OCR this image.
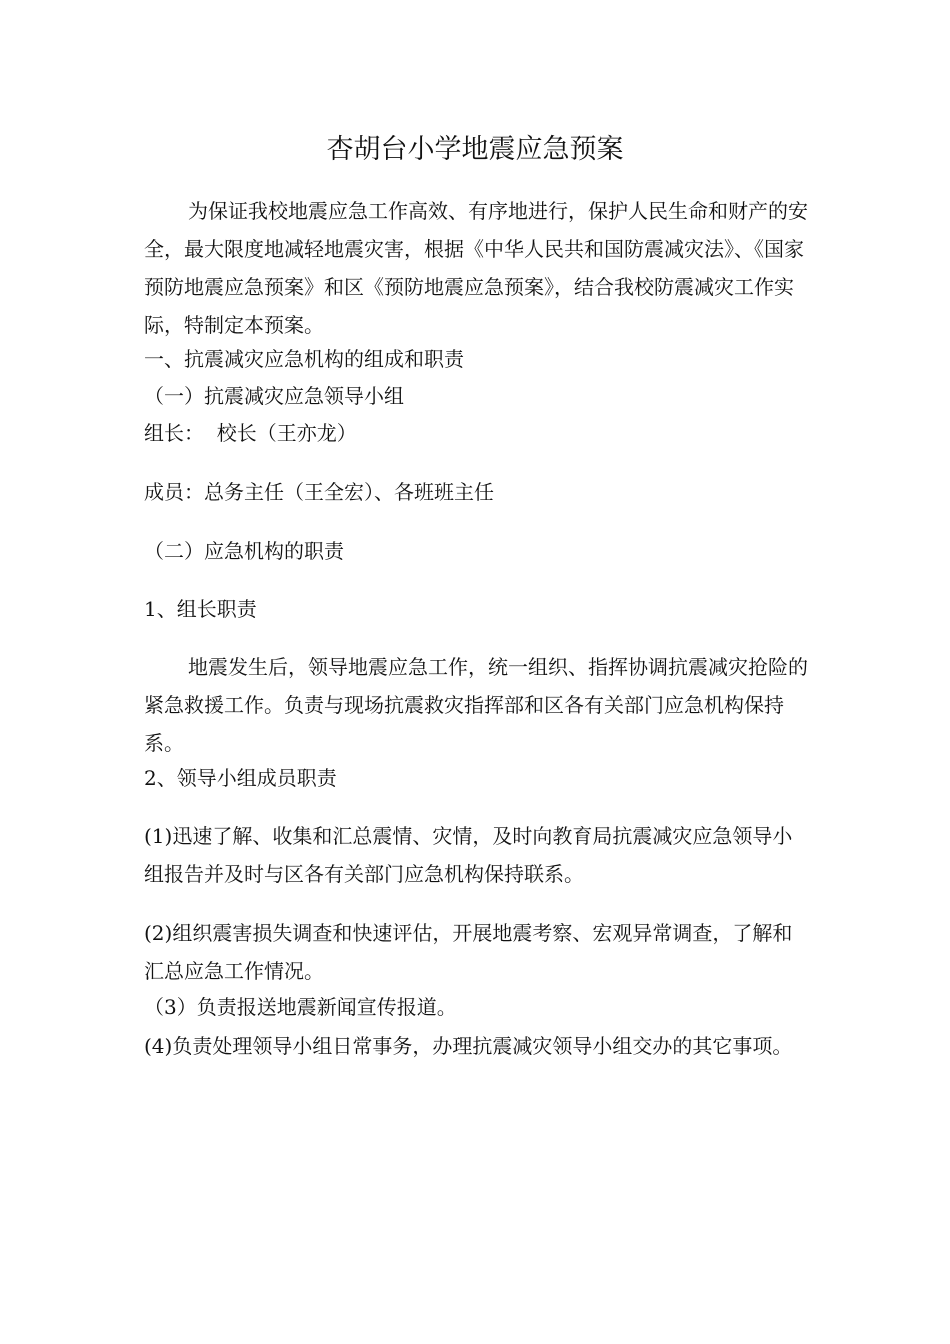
杏胡台小学地震应急预案

为保证我校地震应急工作高效、有序地进行，保护人民生命和财产的安全，最大限度地减轻地震灾害，根据《中华人民共和国防震减灾法》、《国家预防地震应急预案》和区《预防地震应急预案》，结合我校防震减灾工作实际，特制定本预案。

一、抗震减灾应急机构的组成和职责

（一）抗震减灾应急领导小组

组长：  校长（王亦龙）

成员：总务主任（王全宏）、各班班主任

（二）应急机构的职责

1、组长职责

地震发生后，领导地震应急工作，统一组织、指挥协调抗震减灾抢险的紧急救援工作。负责与现场抗震救灾指挥部和区各有关部门应急机构保持系。

2、领导小组成员职责

(1)迅速了解、收集和汇总震情、灾情，及时向教育局抗震减灾应急领导小组报告并及时与区各有关部门应急机构保持联系。

(2)组织震害损失调查和快速评估，开展地震考察、宏观异常调查，了解和汇总应急工作情况。

（3）负责报送地震新闻宣传报道。

(4)负责处理领导小组日常事务，办理抗震减灾领导小组交办的其它事项。
